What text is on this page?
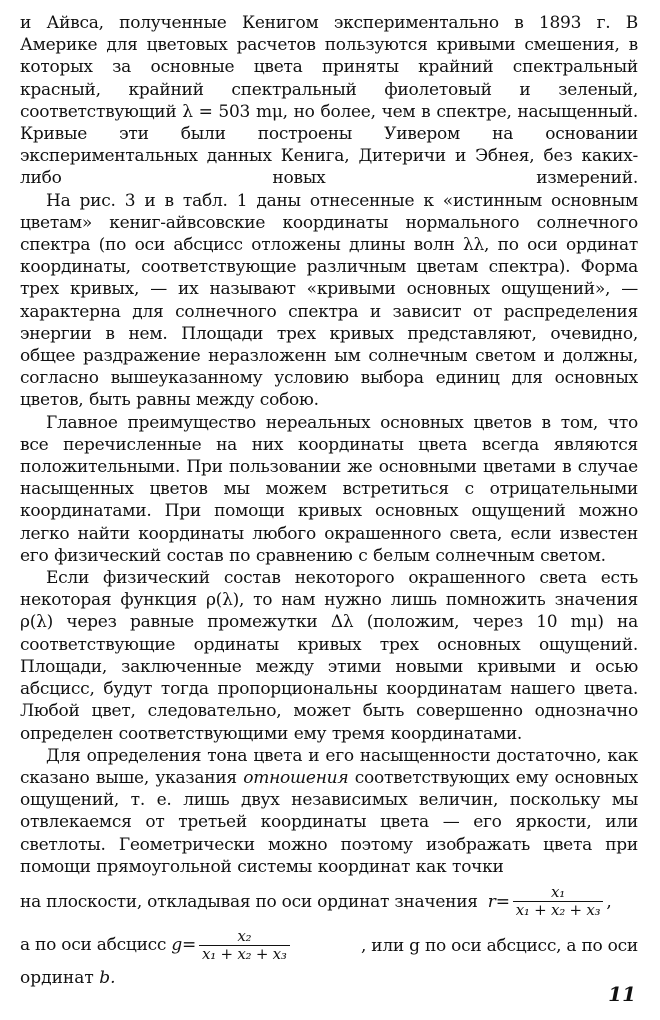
и Айвса, полученные Кенигом экспериментально в 1893 г. В Америке для цветовых расчетов пользуются кривыми смешения, в которых за основные цвета приняты крайний спектральный красный, крайний спектральный фиолетовый и зеленый, соответствующий λ = 503 mμ, но более, чем в спектре, насыщенный. Кривые эти были построены Уивером на основании экспериментальных данных Кенига, Дитеричи и Эбнея, без каких-либо новых измерений.

На рис. 3 и в табл. 1 даны отнесенные к «истинным основным цветам» кениг-айвсовские координаты нормального солнечного спектра (по оси абсцисс отложены длины волн λλ, по оси ординат координаты, соответствующие различным цветам спектра). Форма трех кривых, — их называют «кривыми основных ощущений», — характерна для солнечного спектра и зависит от распределения энергии в нем. Площади трех кривых представляют, очевидно, общее раздражение неразложенн ым солнечным светом и должны, согласно вышеуказанному условию выбора единиц для основных цветов, быть равны между собою.

Главное преимущество нереальных основных цветов в том, что все перечисленные на них координаты цвета всегда являются положительными. При пользовании же основными цветами в случае насыщенных цветов мы можем встретиться с отрицательными координатами. При помощи кривых основных ощущений можно легко найти координаты любого окрашенного света, если известен его физический состав по сравнению с белым солнечным светом.

Если физический состав некоторого окрашенного света есть некоторая функция ρ(λ), то нам нужно лишь помножить значения ρ(λ) через равные промежутки Δλ (положим, через 10 mμ) на соответствующие ординаты кривых трех основных ощущений. Площади, заключенные между этими новыми кривыми и осью абсцисс, будут тогда пропорциональны координатам нашего цвета. Любой цвет, следовательно, может быть совершенно однозначно определен соответствующими ему тремя координатами.

Для определения тона цвета и его насыщенности достаточно, как сказано выше, указания отношения соответствующих ему основных ощущений, т. е. лишь двух независимых величин, поскольку мы отвлекаемся от третьей координаты цвета — его яркости, или светлоты. Геометрически можно поэтому изображать цвета при помощи прямоугольной системы координат как точки

на плоскости, откладывая по оси ординат значения $r = \frac{\text{x₁}}{\text{x₁ + x₂ + x₃}}$ ,
а по оси абсцисс $g= \frac{\text{x₂}}{\text{x₁ + x₂ + x₃}}$	, или g по оси абсцисс, а по оси
ординат b.
11
